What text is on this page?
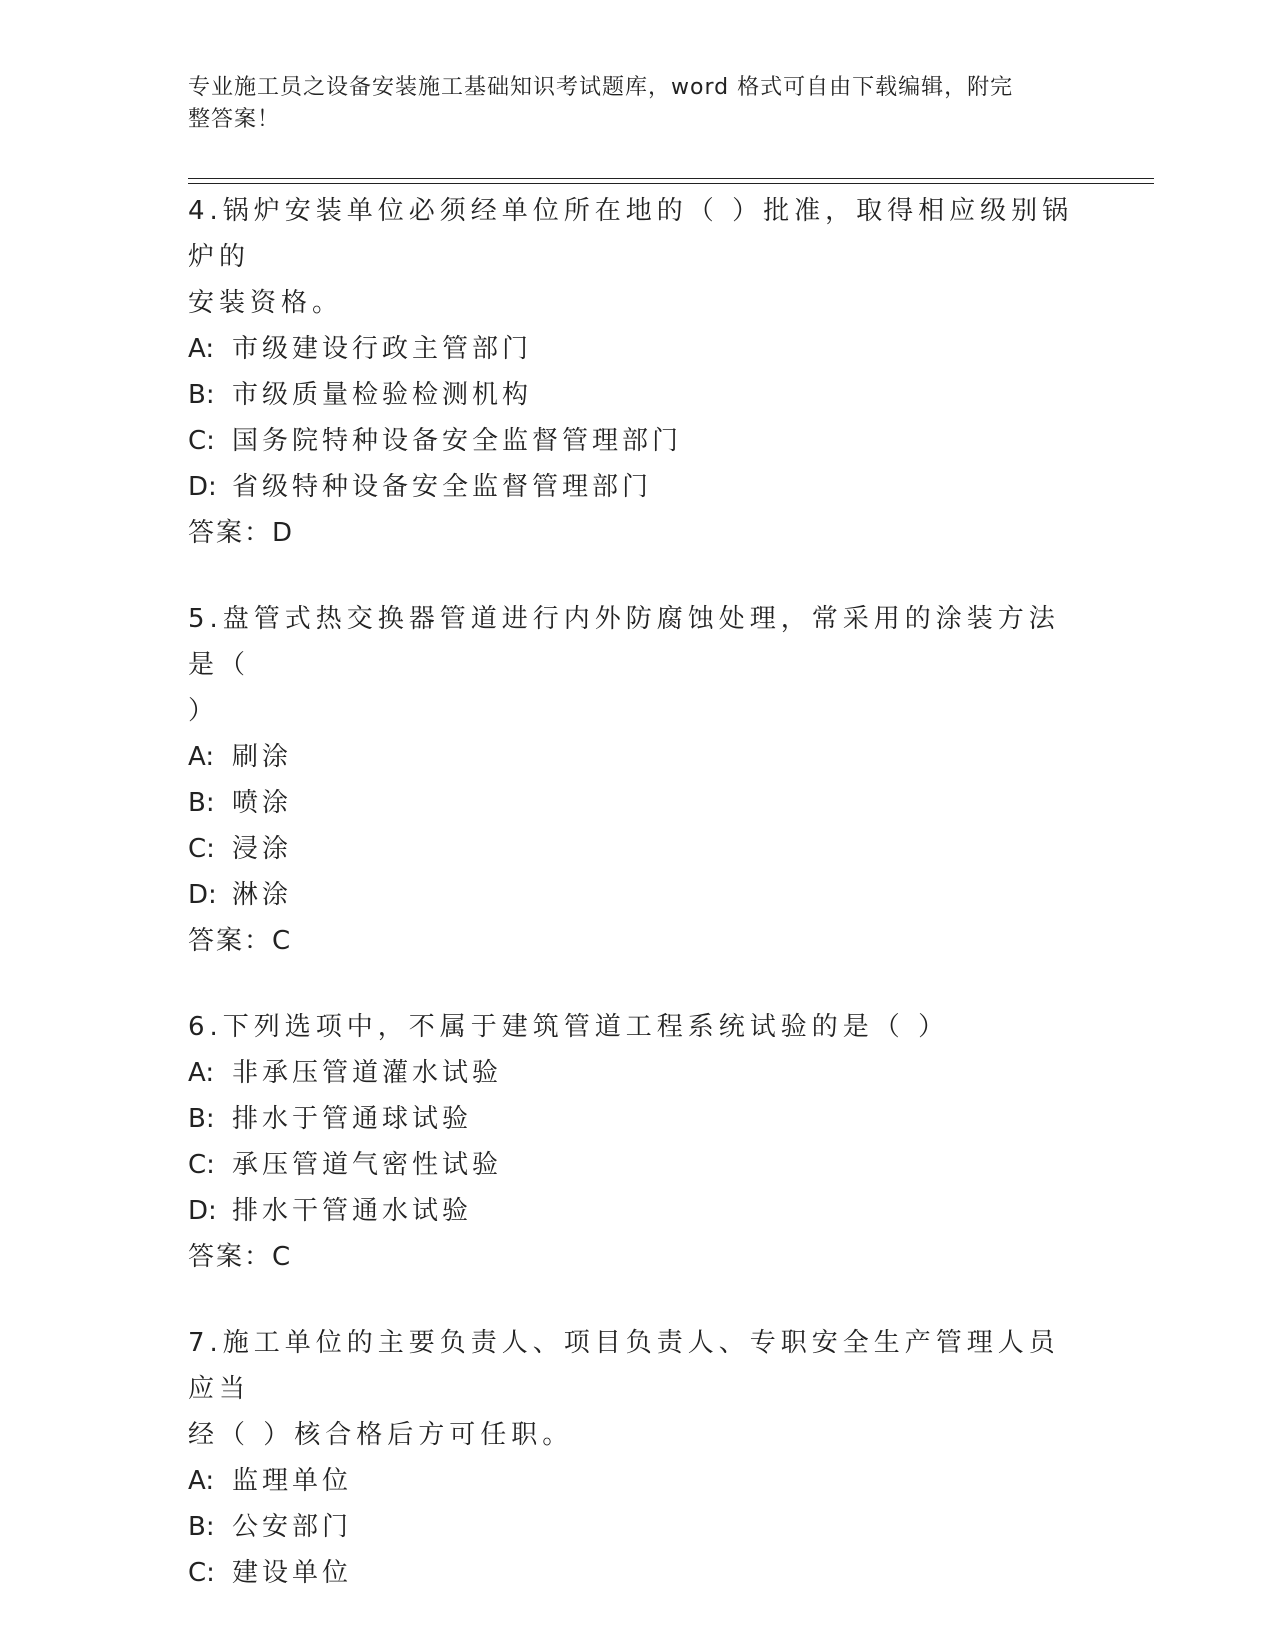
专业施工员之设备安装施工基础知识考试题库，word 格式可自由下载编辑，附完
整答案！

4.锅炉安装单位必须经单位所在地的（ ）批准，取得相应级别锅炉的
安装资格。

A: 市级建设行政主管部门

B: 市级质量检验检测机构

C: 国务院特种设备安全监督管理部门

D: 省级特种设备安全监督管理部门

答案：D

5.盘管式热交换器管道进行内外防腐蚀处理，常采用的涂装方法是（
）

A: 刷涂

B: 喷涂

C: 浸涂

D: 淋涂

答案：C

6.下列选项中，不属于建筑管道工程系统试验的是（ ）

A: 非承压管道灌水试验

B: 排水于管通球试验

C: 承压管道气密性试验

D: 排水干管通水试验

答案：C

7.施工单位的主要负责人、项目负责人、专职安全生产管理人员应当
经（ ）核合格后方可任职。

A: 监理单位

B: 公安部门

C: 建设单位
